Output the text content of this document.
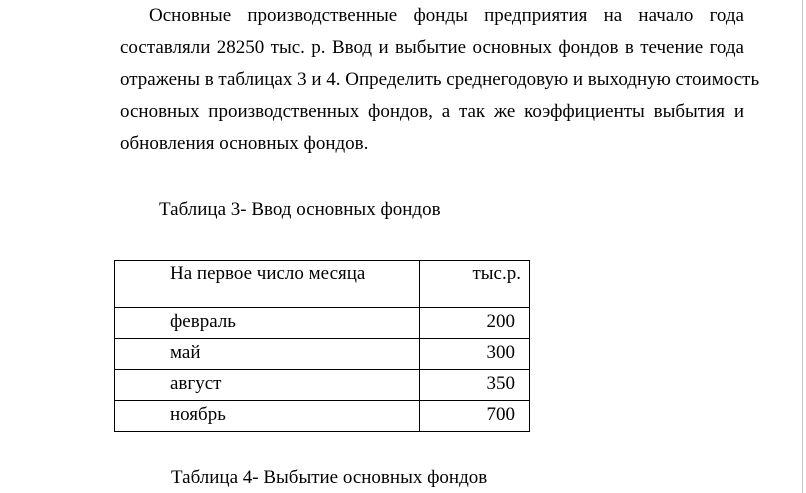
Основные производственные фонды предприятия на начало года
составляли 28250 тыс. р. Ввод и выбытие основных фондов в течение года
отражены в таблицах 3 и 4. Определить среднегодовую и выходную стоимость
основных производственных фондов, а так же коэффициенты выбытия и
обновления основных фондов.
Таблица 3- Ввод основных фондов
На первое число месяца	тыс.р.
февраль	200
май	300
август	350
ноябрь	700
Таблица 4- Выбытие основных фондов
